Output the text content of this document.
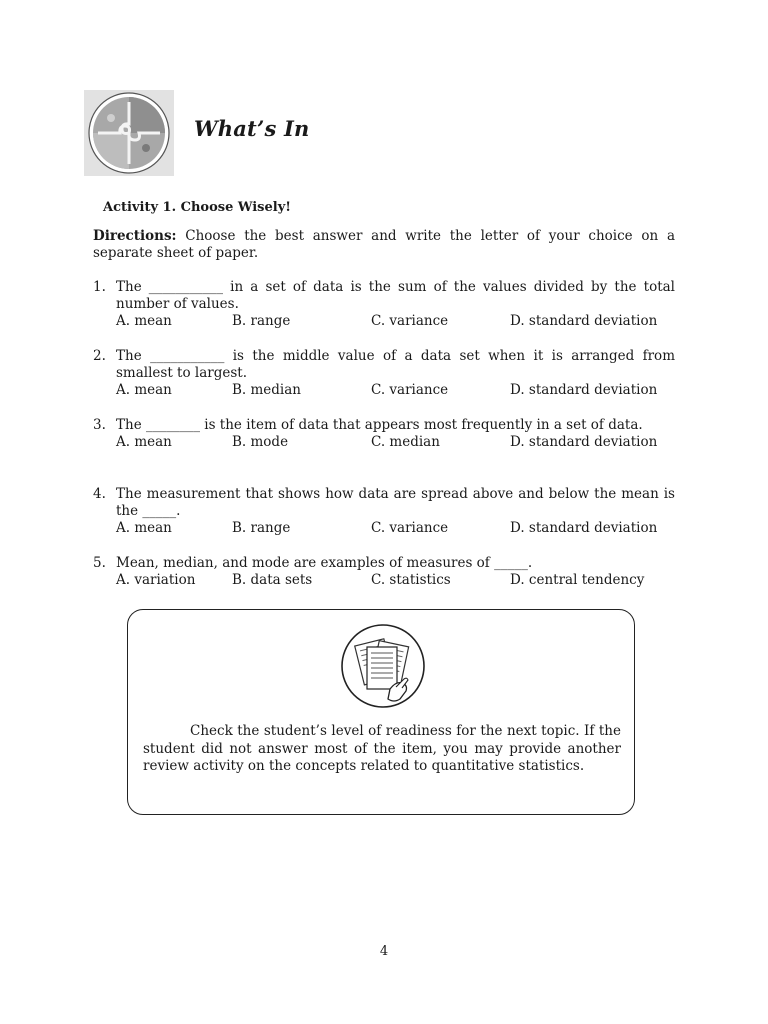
What’s In
Activity 1. Choose Wisely!

Directions: Choose the best answer and write the letter of your choice on a separate sheet of paper.

1. The ___________ in a set of data is the sum of the values divided by the total number of values.
A. mean	B. range	C. variance	D. standard deviation
2. The ___________ is the middle value of a data set when it is arranged from smallest to largest.
A. mean	B. median	C. variance	D. standard deviation
3. The ________ is the item of data that appears most frequently in a set of data.
A. mean	B. mode	C. median	D. standard deviation
4. The measurement that shows how data are spread above and below the mean is the _____.
A. mean	B. range	C. variance	D. standard deviation
5. Mean, median, and mode are examples of measures of _____.
A. variation	B. data sets	C. statistics	D. central tendency

Check the student’s level of readiness for the next topic. If the student did not answer most of the item, you may provide another review activity on the concepts related to quantitative statistics.

4
